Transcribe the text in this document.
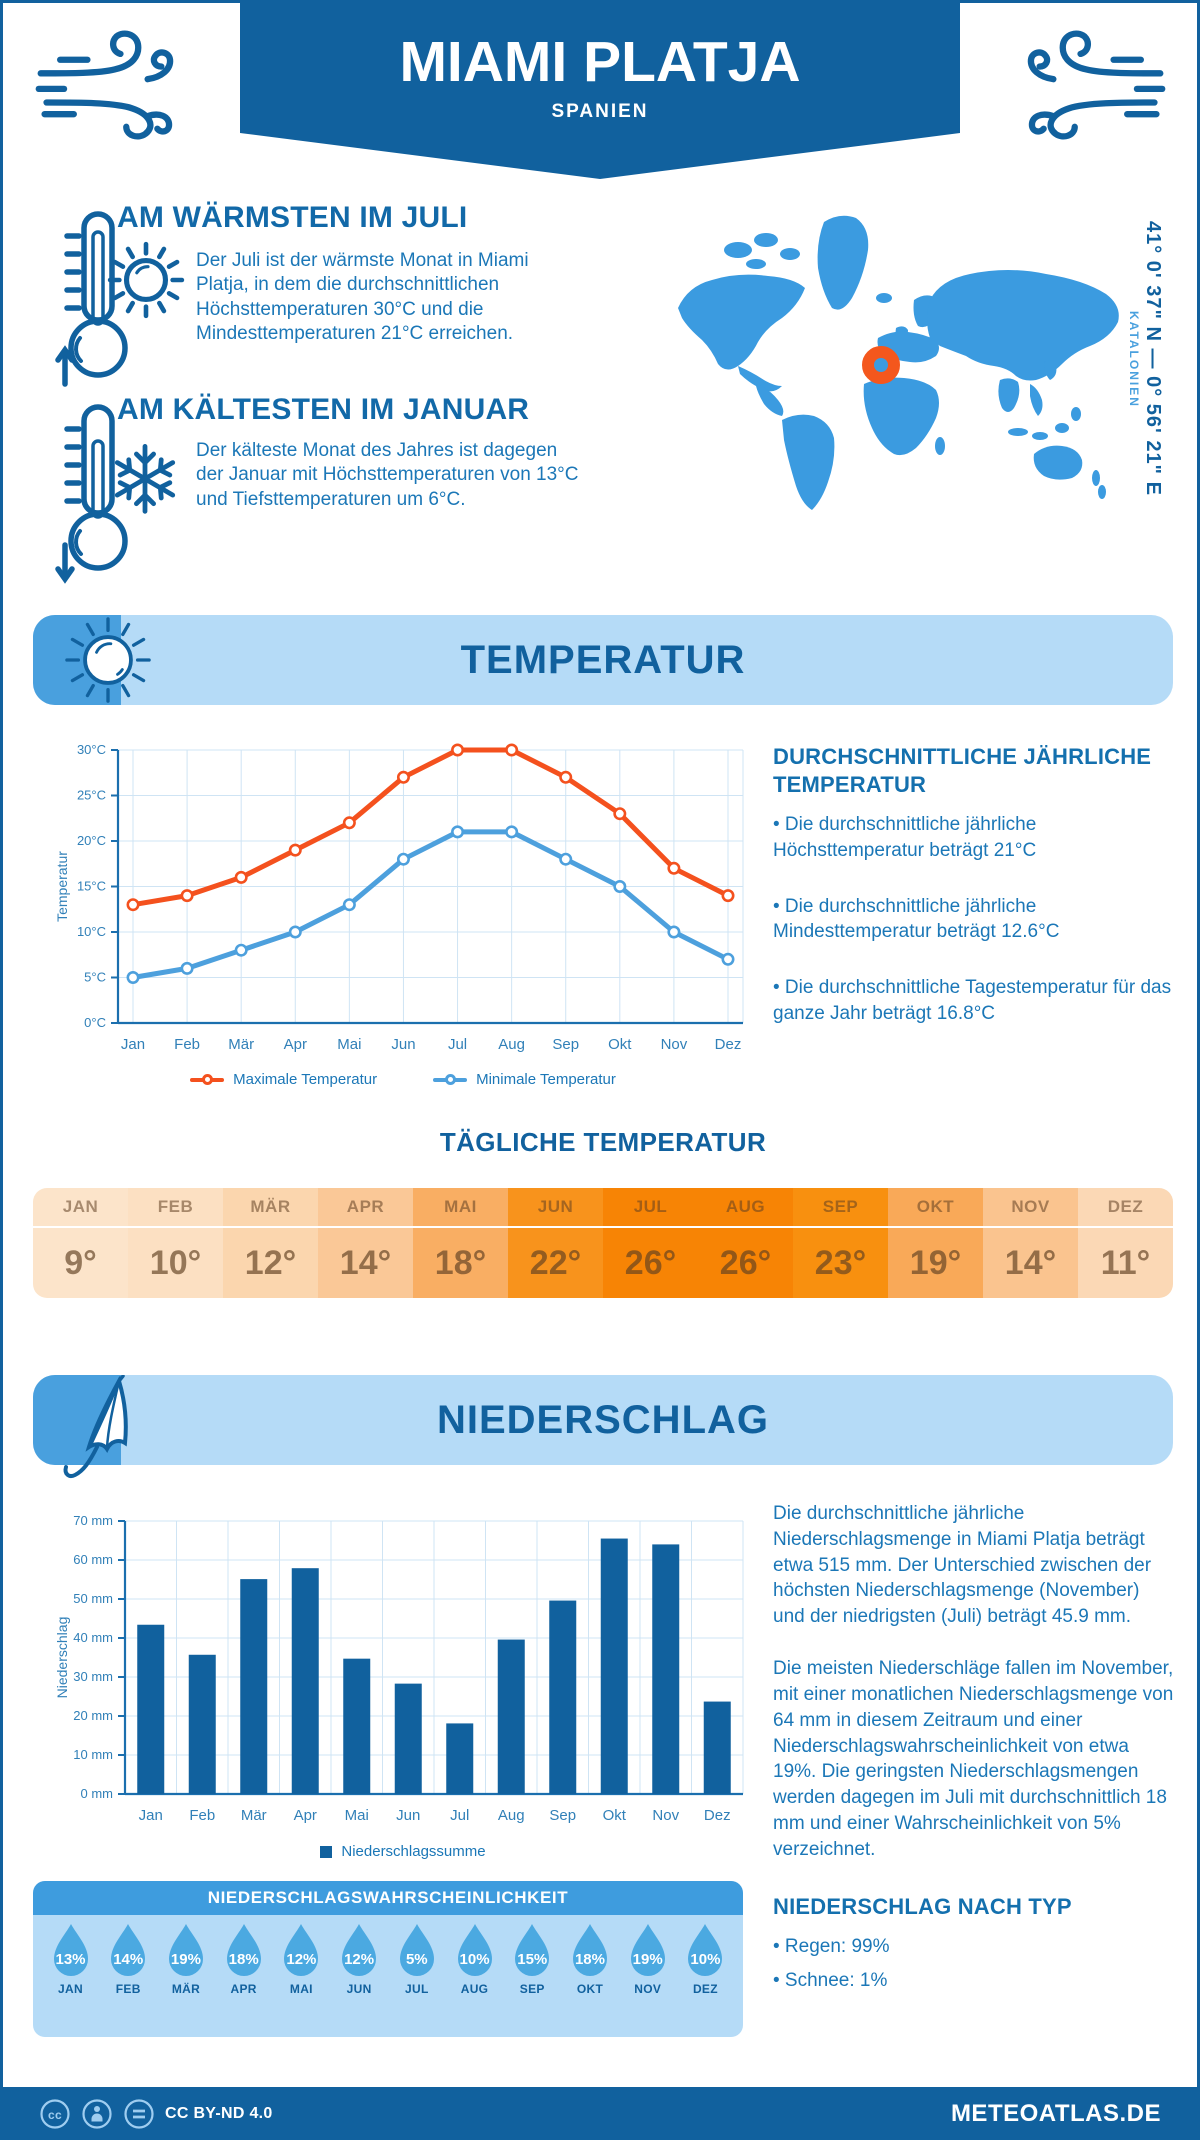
MIAMI PLATJA
SPANIEN
AM WÄRMSTEN IM JULI
Der Juli ist der wärmste Monat in Miami Platja, in dem die durchschnittlichen Höchsttemperaturen 30°C und die Mindesttemperaturen 21°C erreichen.
AM KÄLTESTEN IM JANUAR
Der kälteste Monat des Jahres ist dagegen der Januar mit Höchsttemperaturen von 13°C und Tiefsttemperaturen um 6°C.
41° 0' 37" N — 0° 56' 21" E
KATALONIEN
TEMPERATUR
0°C
5°C
10°C
15°C
20°C
25°C
30°C
Jan Feb Mär Apr Mai Jun Jul Aug Sep Okt Nov Dez
Temperatur
Maximale Temperatur	Minimale Temperatur
DURCHSCHNITTLICHE JÄHRLICHE TEMPERATUR
• Die durchschnittliche jährliche Höchsttemperatur beträgt 21°C
• Die durchschnittliche jährliche Mindesttemperatur beträgt 12.6°C
• Die durchschnittliche Tagestemperatur für das ganze Jahr beträgt 16.8°C
TÄGLICHE TEMPERATUR
JAN
9°
FEB
10°
MÄR
12°
APR
14°
MAI
18°
JUN
22°
JUL
26°
AUG
26°
SEP
23°
OKT
19°
NOV
14°
DEZ
11°
NIEDERSCHLAG
0 mm
10 mm
20 mm
30 mm
40 mm
50 mm
60 mm
70 mm
Jan Feb Mär Apr Mai Jun Jul Aug Sep Okt Nov Dez
Niederschlag
Niederschlagssumme

Die durchschnittliche jährliche Niederschlagsmenge in Miami Platja beträgt etwa 515 mm. Der Unterschied zwischen der höchsten Niederschlagsmenge (November) und der niedrigsten (Juli) beträgt 45.9 mm.

Die meisten Niederschläge fallen im November, mit einer monatlichen Niederschlagsmenge von 64 mm in diesem Zeitraum und einer Niederschlagswahrscheinlichkeit von etwa 19%. Die geringsten Niederschlagsmengen werden dagegen im Juli mit durchschnittlich 18 mm und einer Wahrscheinlichkeit von 5% verzeichnet.

NIEDERSCHLAG NACH TYP
• Regen: 99%
• Schnee: 1%
NIEDERSCHLAGSWAHRSCHEINLICHKEIT
13%
JAN
14%
FEB
19%
MÄR
18%
APR
12%
MAI
12%
JUN
5%
JUL
10%
AUG
15%
SEP
18%
OKT
19%
NOV
10%
DEZ
cc	CC BY-ND 4.0	METEOATLAS.DE
